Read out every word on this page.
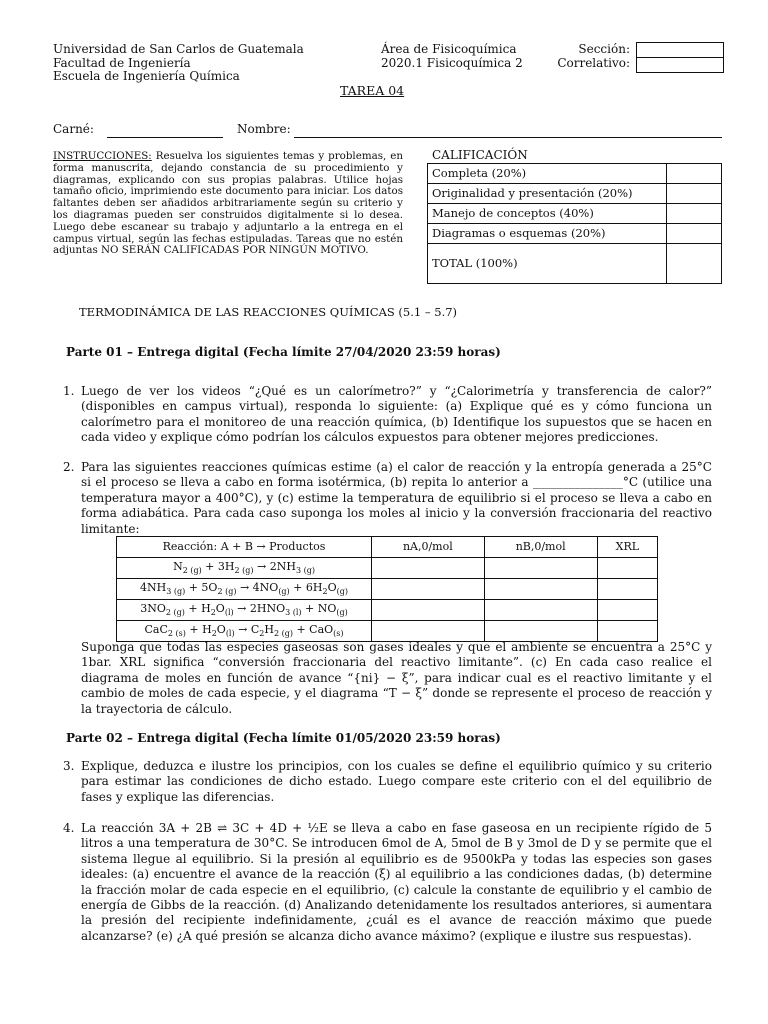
Universidad de San Carlos de Guatemala
Facultad de Ingeniería
Escuela de Ingeniería Química
Área de Fisicoquímica
2020.1 Fisicoquímica 2
Sección:
Correlativo:
TAREA 04
Carné:	Nombre:
INSTRUCCIONES: Resuelva los siguientes temas y problemas, en forma manuscrita, dejando constancia de su procedimiento y diagramas, explicando con sus propias palabras. Utilice hojas tamaño oficio, imprimiendo este documento para iniciar. Los datos faltantes deben ser añadidos arbitrariamente según su criterio y los diagramas pueden ser construidos digitalmente si lo desea. Luego debe escanear su trabajo y adjuntarlo a la entrega en el campus virtual, según las fechas estipuladas. Tareas que no estén adjuntas NO SERÁN CALIFICADAS POR NINGÚN MOTIVO.
CALIFICACIÓN
Completa (20%)	
Originalidad y presentación (20%)	
Manejo de conceptos (40%)	
Diagramas o esquemas (20%)	
TOTAL (100%)	
TERMODINÁMICA DE LAS REACCIONES QUÍMICAS (5.1 – 5.7)
Parte 01 – Entrega digital (Fecha límite 27/04/2020 23:59 horas)
1. Luego de ver los videos “¿Qué es un calorímetro?” y “¿Calorimetría y transferencia de calor?” (disponibles en campus virtual), responda lo siguiente: (a) Explique qué es y cómo funciona un calorímetro para el monitoreo de una reacción química, (b) Identifique los supuestos que se hacen en cada video y explique cómo podrían los cálculos expuestos para obtener mejores predicciones.
2. Para las siguientes reacciones químicas estime (a) el calor de reacción y la entropía generada a 25°C si el proceso se lleva a cabo en forma isotérmica, (b) repita lo anterior a _______________°C (utilice una temperatura mayor a 400°C), y (c) estime la temperatura de equilibrio si el proceso se lleva a cabo en forma adiabática. Para cada caso suponga los moles al inicio y la conversión fraccionaria del reactivo limitante:
Reacción: A + B → Productos	nA,0/mol	nB,0/mol	XRL
$N_{2 (g)} + 3H_{2 (g)} \to 2NH_{3 (g)}$			
$4NH_{3 (g)} + 5O_{2 (g)} \to 4NO_{(g)} + 6H_2O_{(g)}$			
$3NO_{2 (g)} + H_2O_{(l)} \to 2HNO_{3 (l)} + NO_{(g)}$			
$CaC_{2 (s)} + H_2O_{(l)} \to C_2H_{2 (g)} + CaO_{(s)}$			
Suponga que todas las especies gaseosas son gases ideales y que el ambiente se encuentra a 25°C y 1bar. XRL significa “conversión fraccionaria del reactivo limitante”. (c) En cada caso realice el diagrama de moles en función de avance “{ni} − ξ”, para indicar cual es el reactivo limitante y el cambio de moles de cada especie, y el diagrama “T − ξ” donde se represente el proceso de reacción y la trayectoria de cálculo.
Parte 02 – Entrega digital (Fecha límite 01/05/2020 23:59 horas)
3. Explique, deduzca e ilustre los principios, con los cuales se define el equilibrio químico y su criterio para estimar las condiciones de dicho estado. Luego compare este criterio con el del equilibrio de fases y explique las diferencias.
4. La reacción 3A + 2B ⇌ 3C + 4D + ½E se lleva a cabo en fase gaseosa en un recipiente rígido de 5 litros a una temperatura de 30°C. Se introducen 6mol de A, 5mol de B y 3mol de D y se permite que el sistema llegue al equilibrio. Si la presión al equilibrio es de 9500kPa y todas las especies son gases ideales: (a) encuentre el avance de la reacción (ξ) al equilibrio a las condiciones dadas, (b) determine la fracción molar de cada especie en el equilibrio, (c) calcule la constante de equilibrio y el cambio de energía de Gibbs de la reacción. (d) Analizando detenidamente los resultados anteriores, si aumentara la presión del recipiente indefinidamente, ¿cuál es el avance de reacción máximo que puede alcanzarse? (e) ¿A qué presión se alcanza dicho avance máximo? (explique e ilustre sus respuestas).
